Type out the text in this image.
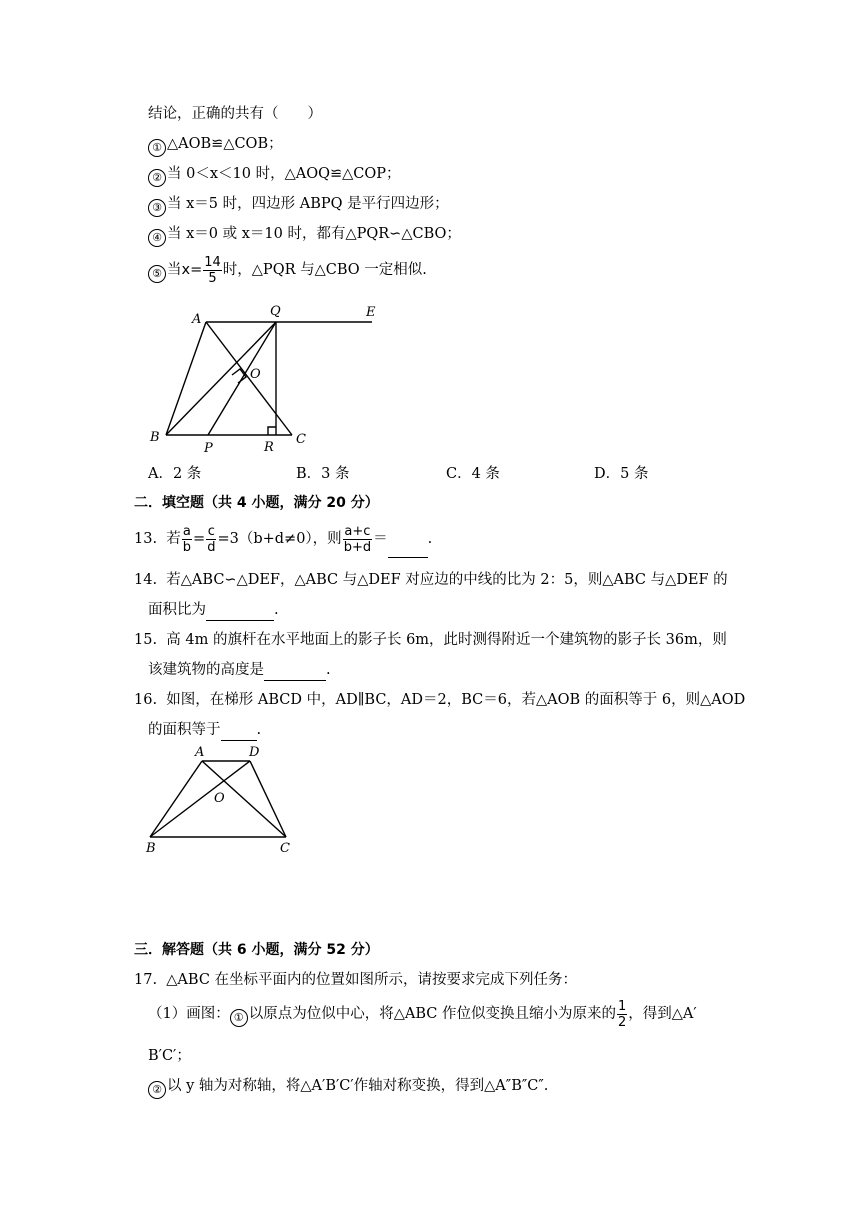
结论，正确的共有（　　）
① △AOB≌△COB；
② 当 0＜x＜10 时，△AOQ≌△COP；
③ 当 x＝5 时，四边形 ABPQ 是平行四边形；
④ 当 x＝0 或 x＝10 时，都有△PQR∽△CBO；
⑤ 当$x= \frac{14}{5}$ 时，△PQR 与△CBO 一定相似.
A
Q	E
O
B
P	R
C
A．2 条	B．3 条	C．4 条	D．5 条
二．填空题（共 4 小题，满分 20 分）
13. 若 $\frac{a}{b} = \frac{c}{d} =3(b+d\ne 0)$，则 $\frac{a+c}{b+d}$ ＝	.
14. 若△ABC∽△DEF，△ABC 与△DEF 对应边的中线的比为 2：5，则△ABC 与△DEF 的
面积比为	.
15. 高 4m 的旗杆在水平地面上的影子长 6m，此时测得附近一个建筑物的影子长 36m，则
该建筑物的高度是	.
16. 如图，在梯形 ABCD 中，AD∥BC，AD＝2，BC＝6，若△AOB 的面积等于 6，则△AOD
的面积等于 .
A	D
O
B	C
三．解答题（共 6 小题，满分 52 分）
17. △ABC 在坐标平面内的位置如图所示，请按要求完成下列任务：
（1）画图： ① 以原点为位似中心，将△ABC 作位似变换且缩小为原来的 $\frac{1}{2}$ ，得到△A′
B′C′；
② 以 y 轴为对称轴，将△A′B′C′作轴对称变换，得到△A″B″C″.
